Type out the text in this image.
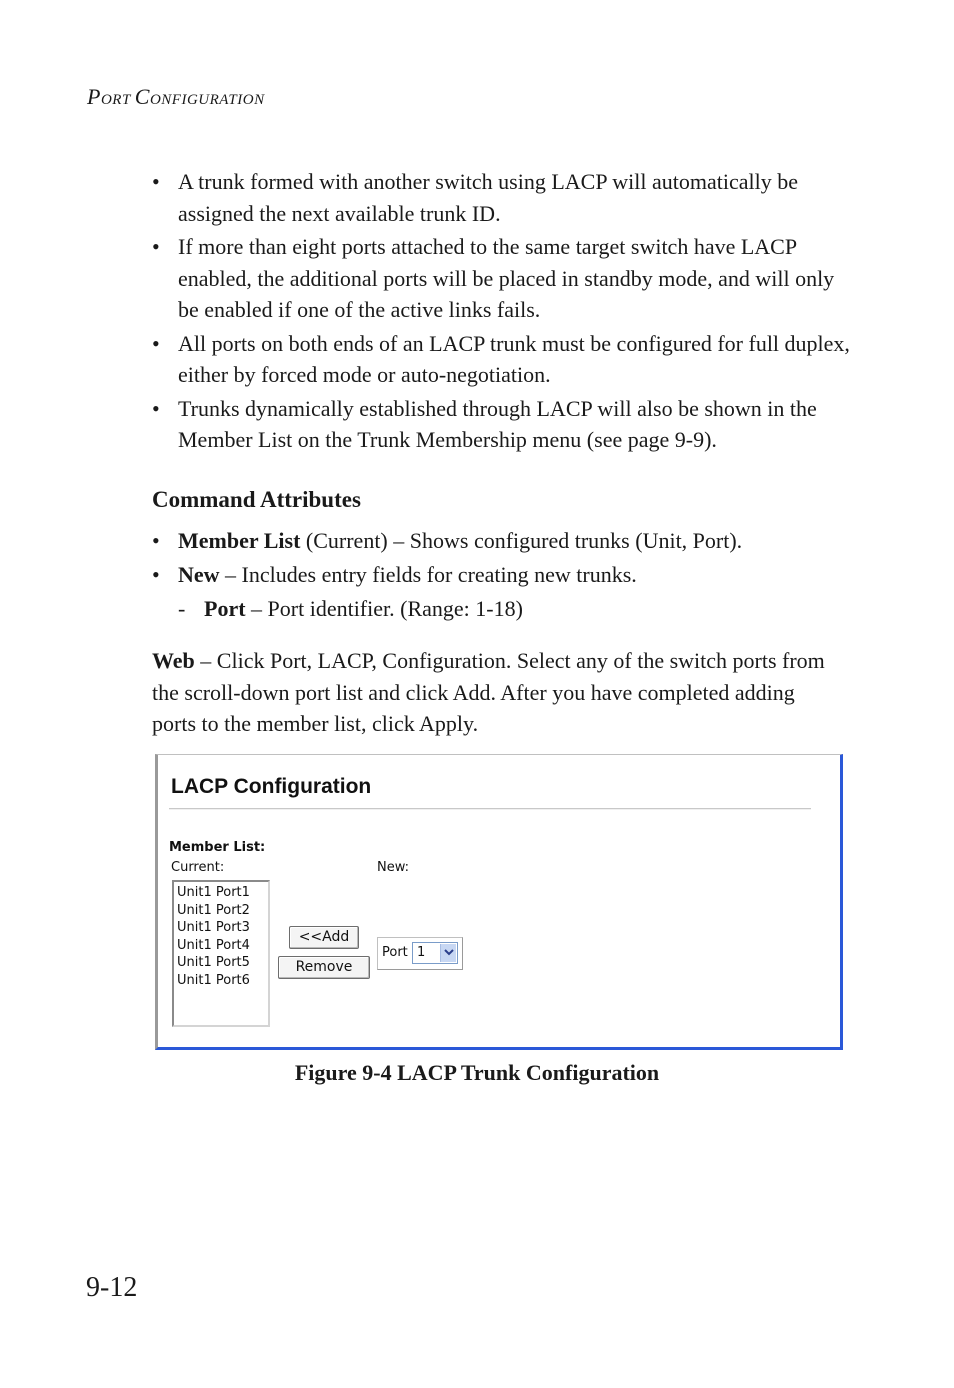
PORT CONFIGURATION
• A trunk formed with another switch using LACP will automatically be assigned the next available trunk ID.
• If more than eight ports attached to the same target switch have LACP enabled, the additional ports will be placed in standby mode, and will only be enabled if one of the active links fails.
• All ports on both ends of an LACP trunk must be configured for full duplex, either by forced mode or auto-negotiation.
• Trunks dynamically established through LACP will also be shown in the Member List on the Trunk Membership menu (see page 9-9).
Command Attributes
• Member List (Current) – Shows configured trunks (Unit, Port).
• New – Includes entry fields for creating new trunks.
- Port – Port identifier. (Range: 1-18)
Web – Click Port, LACP, Configuration. Select any of the switch ports from the scroll-down port list and click Add. After you have completed adding ports to the member list, click Apply.
LACP Configuration
Member List:
Current:	New:
Unit1 Port1
Unit1 Port2
Unit1 Port3
Unit1 Port4
Unit1 Port5
Unit1 Port6
<<Add
Remove
Port 1
Figure 9-4 LACP Trunk Configuration
9-12
